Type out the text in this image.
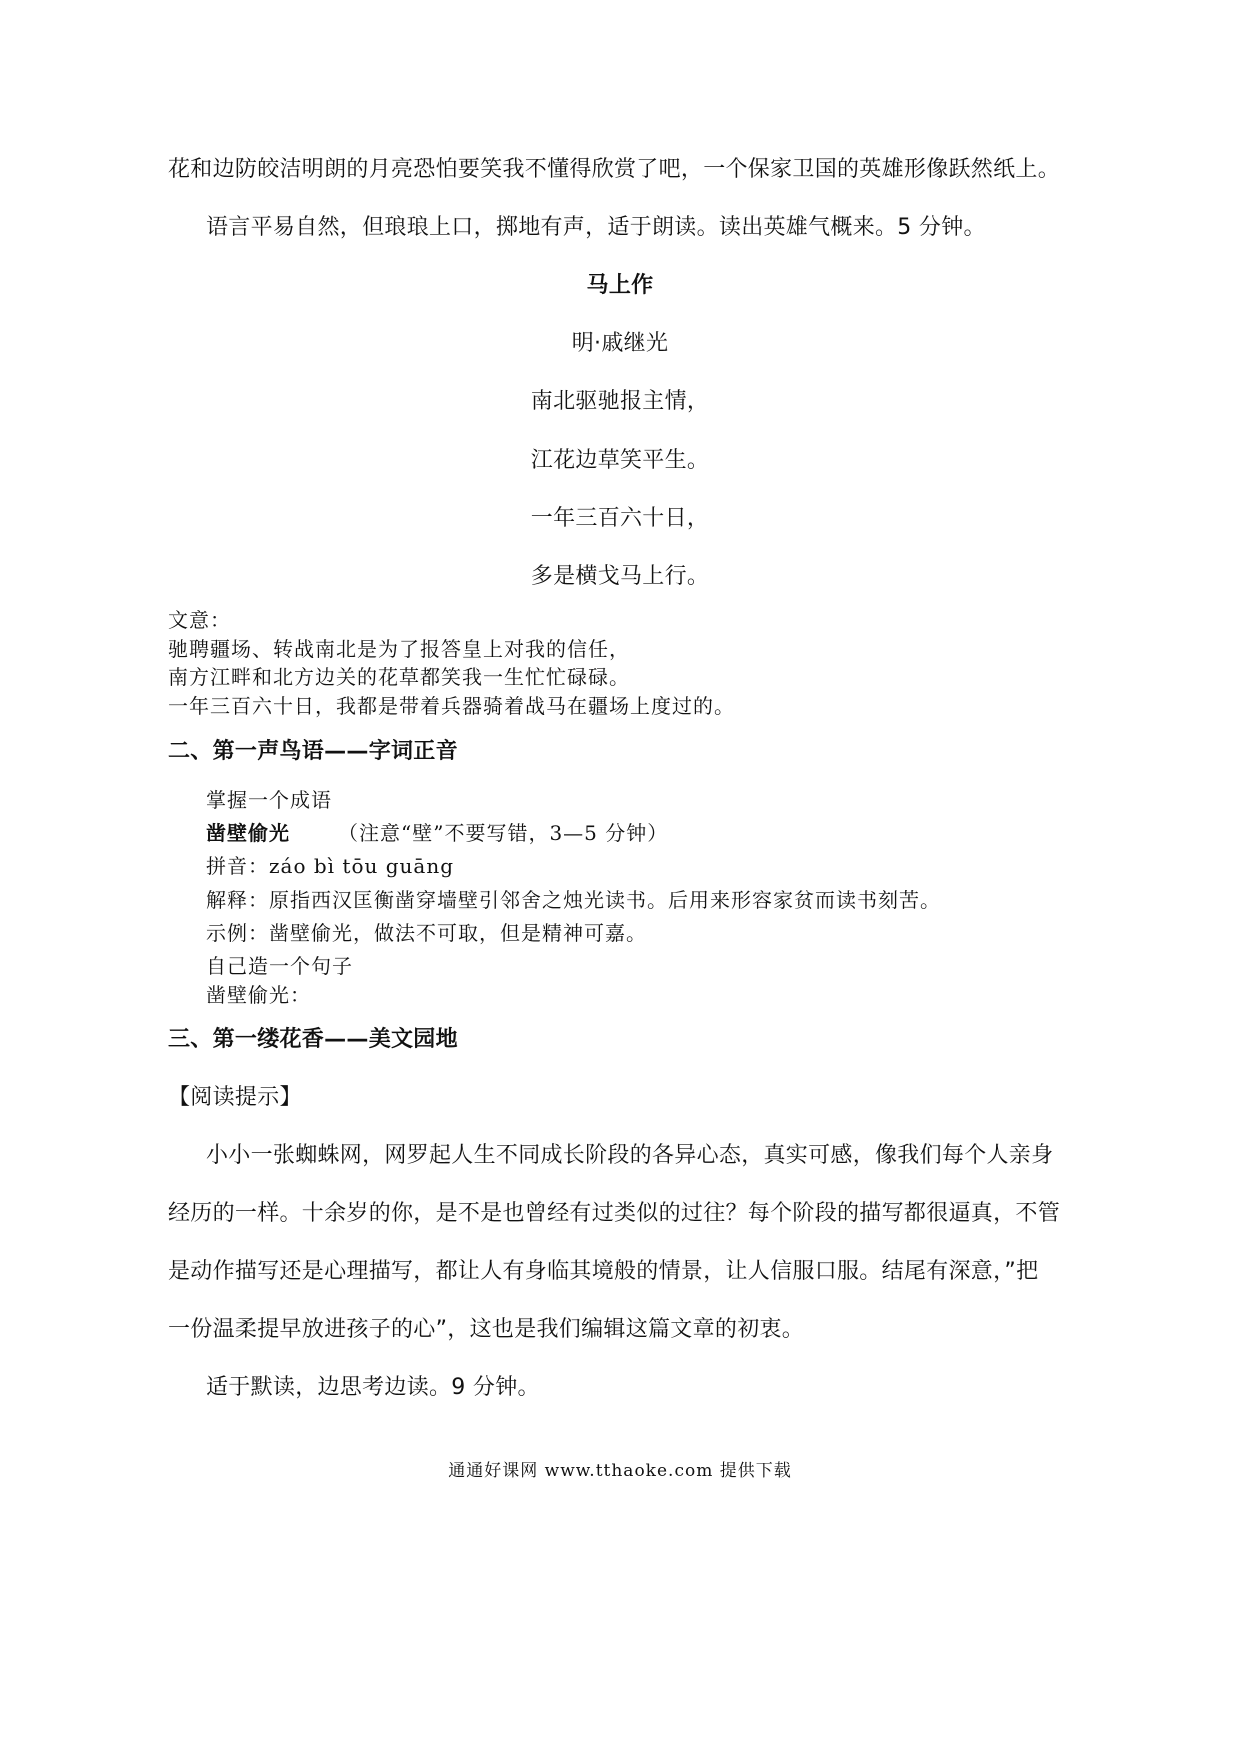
花和边防皎洁明朗的月亮恐怕要笑我不懂得欣赏了吧，一个保家卫国的英雄形像跃然纸上。
语言平易自然，但琅琅上口，掷地有声，适于朗读。读出英雄气概来。5 分钟。
马上作
明·戚继光
南北驱驰报主情，
江花边草笑平生。
一年三百六十日，
多是横戈马上行。
文意：
驰聘疆场、转战南北是为了报答皇上对我的信任，
南方江畔和北方边关的花草都笑我一生忙忙碌碌。
一年三百六十日，我都是带着兵器骑着战马在疆场上度过的。
二、第一声鸟语——字词正音
掌握一个成语
凿壁偷光 （注意“壁”不要写错，3—5 分钟）
拼音：záo bì tōu guāng
解释：原指西汉匡衡凿穿墙壁引邻舍之烛光读书。后用来形容家贫而读书刻苦。
示例：凿壁偷光，做法不可取，但是精神可嘉。
自己造一个句子
凿壁偷光：
三、第一缕花香——美文园地
【阅读提示】
小小一张蜘蛛网，网罗起人生不同成长阶段的各异心态，真实可感，像我们每个人亲身
经历的一样。十余岁的你，是不是也曾经有过类似的过往？每个阶段的描写都很逼真，不管
是动作描写还是心理描写，都让人有身临其境般的情景，让人信服口服。结尾有深意，”把
一份温柔提早放进孩子的心”，这也是我们编辑这篇文章的初衷。
适于默读，边思考边读。9 分钟。
通通好课网 www.tthaoke.com 提供下载
